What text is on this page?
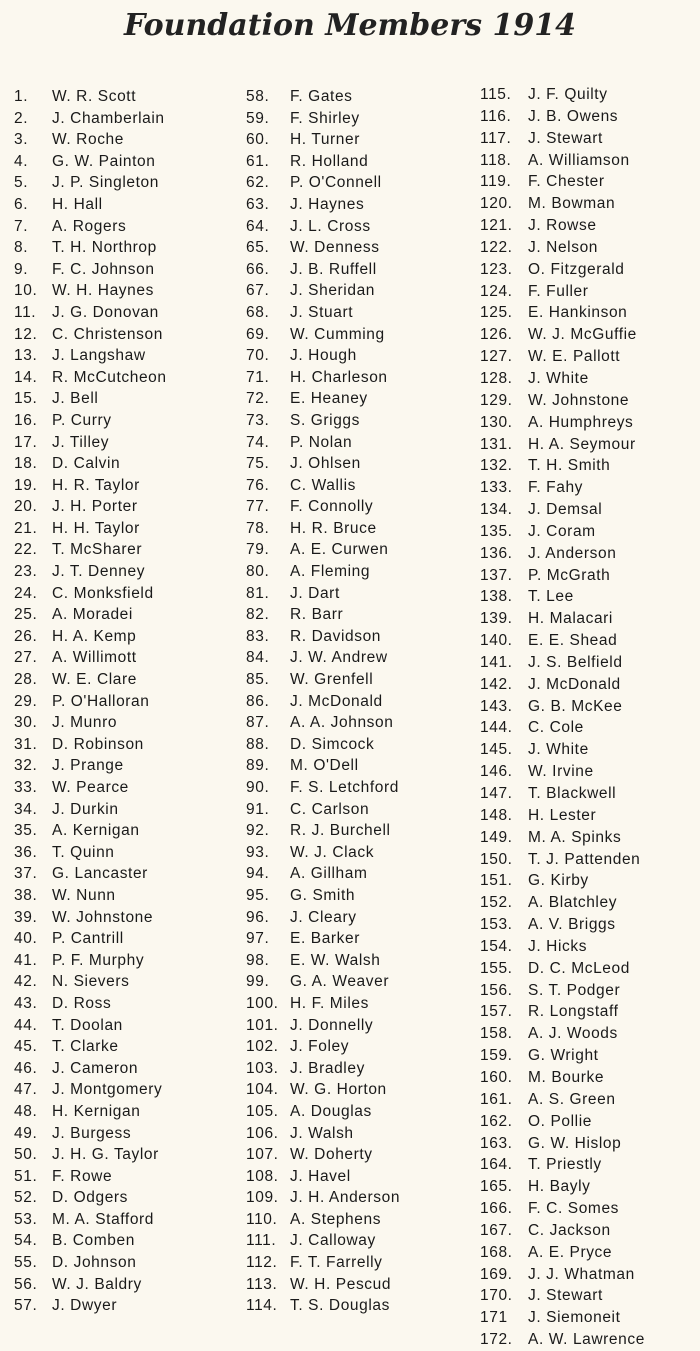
Foundation Members 1914
1.	W. R. Scott
2.	J. Chamberlain
3.	W. Roche
4.	G. W. Painton
5.	J. P. Singleton
6.	H. Hall
7.	A. Rogers
8.	T. H. Northrop
9.	F. C. Johnson
10. W. H. Haynes
11.	J. G. Donovan
12. C. Christenson
13. J. Langshaw
14. R. McCutcheon
15. J. Bell
16. P. Curry
17. J. Tilley
18. D. Calvin
19. H. R. Taylor
20. J. H. Porter
21. H. H. Taylor
22. T. McSharer
23. J. T. Denney
24. C. Monksfield
25. A. Moradei
26. H. A. Kemp
27. A. Willimott
28. W. E. Clare
29. P. O'Halloran
30. J. Munro
31. D. Robinson
32. J. Prange
33. W. Pearce
34. J. Durkin
35. A. Kernigan
36. T. Quinn
37. G. Lancaster
38. W. Nunn
39. W. Johnstone
40. P. Cantrill
41. P. F. Murphy
42. N. Sievers
43. D. Ross
44. T. Doolan
45. T. Clarke
46. J. Cameron
47. J. Montgomery
48. H. Kernigan
49. J. Burgess
50. J. H. G. Taylor
51. F. Rowe
52. D. Odgers
53. M. A. Stafford
54. B. Comben
55. D. Johnson
56. W. J. Baldry
57. J. Dwyer
58.	F. Gates
59.	F. Shirley
60.	H. Turner
61.	R. Holland
62.	P. O'Connell
63.	J. Haynes
64.	J. L. Cross
65.	W. Denness
66.	J. B. Ruffell
67.	J. Sheridan
68.	J. Stuart
69.	W. Cumming
70.	J. Hough
71.	H. Charleson
72.	E. Heaney
73.	S. Griggs
74.	P. Nolan
75.	J. Ohlsen
76.	C. Wallis
77.	F. Connolly
78.	H. R. Bruce
79.	A. E. Curwen
80.	A. Fleming
81.	J. Dart
82.	R. Barr
83.	R. Davidson
84.	J. W. Andrew
85.	W. Grenfell
86.	J. McDonald
87.	A. A. Johnson
88.	D. Simcock
89.	M. O'Dell
90.	F. S. Letchford
91.	C. Carlson
92.	R. J. Burchell
93.	W. J. Clack
94.	A. Gillham
95.	G. Smith
96.	J. Cleary
97.	E. Barker
98.	E. W. Walsh
99.	G. A. Weaver
100. H. F. Miles
101. J. Donnelly
102. J. Foley
103. J. Bradley
104. W. G. Horton
105. A. Douglas
106. J. Walsh
107. W. Doherty
108. J. Havel
109. J. H. Anderson
110. A. Stephens
111. J. Calloway
112. F. T. Farrelly
113. W. H. Pescud
114. T. S. Douglas
115.	J. F. Quilty
116.	J. B. Owens
117.	J. Stewart
118.	A. Williamson
119.	F. Chester
120. M. Bowman
121. J. Rowse
122. J. Nelson
123. O. Fitzgerald
124. F. Fuller
125. E. Hankinson
126. W. J. McGuffie
127. W. E. Pallott
128. J. White
129. W. Johnstone
130. A. Humphreys
131. H. A. Seymour
132. T. H. Smith
133. F. Fahy
134. J. Demsal
135. J. Coram
136. J. Anderson
137. P. McGrath
138. T. Lee
139. H. Malacari
140. E. E. Shead
141. J. S. Belfield
142. J. McDonald
143. G. B. McKee
144. C. Cole
145. J. White
146. W. Irvine
147. T. Blackwell
148. H. Lester
149. M. A. Spinks
150. T. J. Pattenden
151. G. Kirby
152. A. Blatchley
153. A. V. Briggs
154. J. Hicks
155. D. C. McLeod
156. S. T. Podger
157. R. Longstaff
158. A. J. Woods
159. G. Wright
160. M. Bourke
161. A. S. Green
162. O. Pollie
163. G. W. Hislop
164. T. Priestly
165. H. Bayly
166. F. C. Somes
167. C. Jackson
168. A. E. Pryce
169. J. J. Whatman
170. J. Stewart
171	J. Siemoneit
172. A. W. Lawrence
